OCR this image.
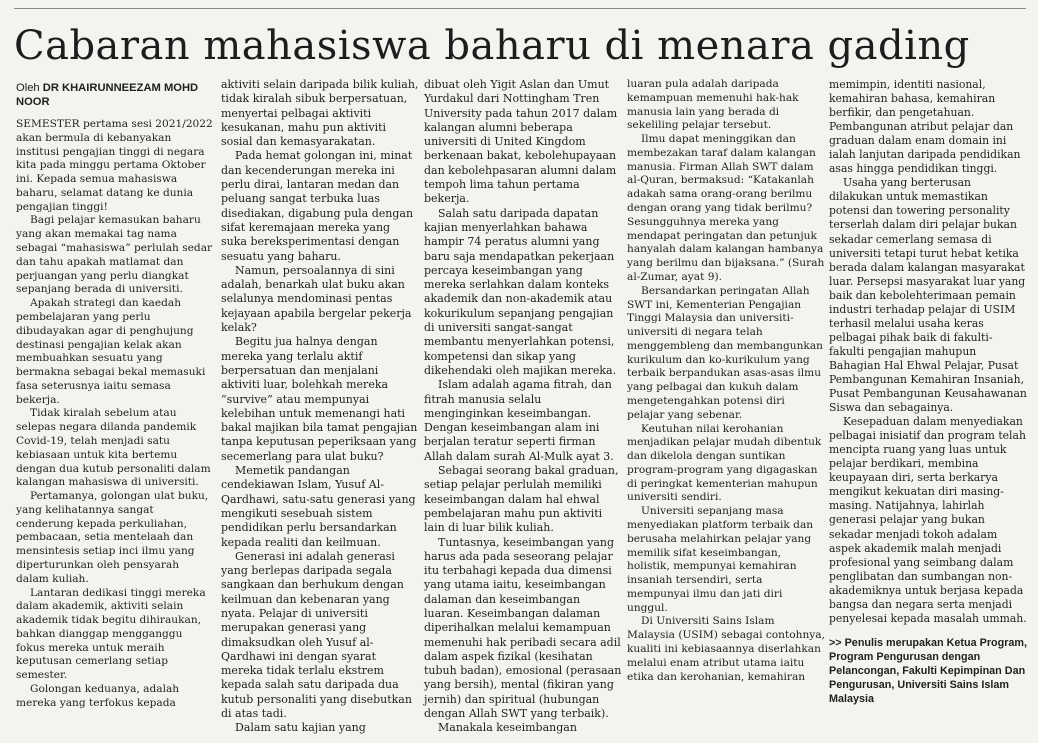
Cabaran mahasiswa baharu di menara gading
Oleh DR KHAIRUNNEEZAM MOHD NOOR

SEMESTER pertama sesi 2021/2022 akan bermula di kebanyakan institusi pengajian tinggi di negara kita pada minggu pertama Oktober ini. Kepada semua mahasiswa baharu, selamat datang ke dunia pengajian tinggi!

Bagi pelajar kemasukan baharu yang akan memakai tag nama sebagai “mahasiswa” perlulah sedar dan tahu apakah matlamat dan perjuangan yang perlu diangkat sepanjang berada di universiti.

Apakah strategi dan kaedah pembelajaran yang perlu dibudayakan agar di penghujung destinasi pengajian kelak akan membuahkan sesuatu yang bermakna sebagai bekal memasuki fasa seterusnya iaitu semasa bekerja.

Tidak kiralah sebelum atau selepas negara dilanda pandemik Covid-19, telah menjadi satu kebiasaan untuk kita bertemu dengan dua kutub personaliti dalam kalangan mahasiswa di universiti.

Pertamanya, golongan ulat buku, yang kelihatannya sangat cenderung kepada perkuliahan, pembacaan, setia mentelaah dan mensintesis setiap inci ilmu yang diperturunkan oleh pensyarah dalam kuliah.

Lantaran dedikasi tinggi mereka dalam akademik, aktiviti selain akademik tidak begitu dihiraukan, bahkan dianggap mengganggu fokus mereka untuk meraih keputusan cemerlang setiap semester.

Golongan keduanya, adalah mereka yang terfokus kepada

aktiviti selain daripada bilik kuliah, tidak kiralah sibuk berpersatuan, menyertai pelbagai aktiviti kesukanan, mahu pun aktiviti sosial dan kemasyarakatan.

Pada hemat golongan ini, minat dan kecenderungan mereka ini perlu dirai, lantaran medan dan peluang sangat terbuka luas disediakan, digabung pula dengan sifat keremajaan mereka yang suka bereksperimentasi dengan sesuatu yang baharu.

Namun, persoalannya di sini adalah, benarkah ulat buku akan selalunya mendominasi pentas kejayaan apabila bergelar pekerja kelak?

Begitu jua halnya dengan mereka yang terlalu aktif berpersatuan dan menjalani aktiviti luar, bolehkah mereka “survive” atau mempunyai kelebihan untuk memenangi hati bakal majikan bila tamat pengajian tanpa keputusan peperiksaan yang secemerlang para ulat buku?

Memetik pandangan cendekiawan Islam, Yusuf Al-Qardhawi, satu-satu generasi yang mengikuti sesebuah sistem pendidikan perlu bersandarkan kepada realiti dan keilmuan.

Generasi ini adalah generasi yang berlepas daripada segala sangkaan dan berhukum dengan keilmuan dan kebenaran yang nyata. Pelajar di universiti merupakan generasi yang dimaksudkan oleh Yusuf al-Qardhawi ini dengan syarat mereka tidak terlalu ekstrem kepada salah satu daripada dua kutub personaliti yang disebutkan di atas tadi.

Dalam satu kajian yang

dibuat oleh Yigit Aslan dan Umut Yurdakul dari Nottingham Tren University pada tahun 2017 dalam kalangan alumni beberapa universiti di United Kingdom berkenaan bakat, kebolehupayaan dan kebolehpasaran alumni dalam tempoh lima tahun pertama bekerja.

Salah satu daripada dapatan kajian menyerlahkan bahawa hampir 74 peratus alumni yang baru saja mendapatkan pekerjaan percaya keseimbangan yang mereka serlahkan dalam konteks akademik dan non-akademik atau kokurikulum sepanjang pengajian di universiti sangat-sangat membantu menyerlahkan potensi, kompetensi dan sikap yang dikehendaki oleh majikan mereka.

Islam adalah agama fitrah, dan fitrah manusia selalu menginginkan keseimbangan. Dengan keseimbangan alam ini berjalan teratur seperti firman Allah dalam surah Al-Mulk ayat 3.

Sebagai seorang bakal graduan, setiap pelajar perlulah memiliki keseimbangan dalam hal ehwal pembelajaran mahu pun aktiviti lain di luar bilik kuliah.

Tuntasnya, keseimbangan yang harus ada pada seseorang pelajar itu terbahagi kepada dua dimensi yang utama iaitu, keseimbangan dalaman dan keseimbangan luaran. Keseimbangan dalaman diperihalkan melalui kemampuan memenuhi hak peribadi secara adil dalam aspek fizikal (kesihatan tubuh badan), emosional (perasaan yang bersih), mental (fikiran yang jernih) dan spiritual (hubungan dengan Allah SWT yang terbaik).

Manakala keseimbangan

luaran pula adalah daripada kemampuan memenuhi hak-hak manusia lain yang berada di sekeliling pelajar tersebut.

Ilmu dapat meninggikan dan membezakan taraf dalam kalangan manusia. Firman Allah SWT dalam al-Quran, bermaksud: “Katakanlah adakah sama orang-orang berilmu dengan orang yang tidak berilmu? Sesungguhnya mereka yang mendapat peringatan dan petunjuk hanyalah dalam kalangan hambanya yang berilmu dan bijaksana.” (Surah al-Zumar, ayat 9).

Bersandarkan peringatan Allah SWT ini, Kementerian Pengajian Tinggi Malaysia dan universiti-universiti di negara telah menggembleng dan membangunkan kurikulum dan ko-kurikulum yang terbaik berpandukan asas-asas ilmu yang pelbagai dan kukuh dalam mengetengahkan potensi diri pelajar yang sebenar.

Keutuhan nilai kerohanian menjadikan pelajar mudah dibentuk dan dikelola dengan suntikan program-program yang digagaskan di peringkat kementerian mahupun universiti sendiri.

Universiti sepanjang masa menyediakan platform terbaik dan berusaha melahirkan pelajar yang memilik sifat keseimbangan, holistik, mempunyai kemahiran insaniah tersendiri, serta mempunyai ilmu dan jati diri unggul.

Di Universiti Sains Islam Malaysia (USIM) sebagai contohnya, kualiti ini kebiasaannya diserlahkan melalui enam atribut utama iaitu etika dan kerohanian, kemahiran

memimpin, identiti nasional, kemahiran bahasa, kemahiran berfikir, dan pengetahuan. Pembangunan atribut pelajar dan graduan dalam enam domain ini ialah lanjutan daripada pendidikan asas hingga pendidikan tinggi.

Usaha yang berterusan dilakukan untuk memastikan potensi dan towering personality terserlah dalam diri pelajar bukan sekadar cemerlang semasa di universiti tetapi turut hebat ketika berada dalam kalangan masyarakat luar. Persepsi masyarakat luar yang baik dan kebolehterimaan pemain industri terhadap pelajar di USIM terhasil melalui usaha keras pelbagai pihak baik di fakulti-fakulti pengajian mahupun Bahagian Hal Ehwal Pelajar, Pusat Pembangunan Kemahiran Insaniah, Pusat Pembangunan Keusahawanan Siswa dan sebagainya.

Kesepaduan dalam menyediakan pelbagai inisiatif dan program telah mencipta ruang yang luas untuk pelajar berdikari, membina keupayaan diri, serta berkarya mengikut kekuatan diri masing-masing. Natijahnya, lahirlah generasi pelajar yang bukan sekadar menjadi tokoh adalam aspek akademik malah menjadi profesional yang seimbang dalam penglibatan dan sumbangan non-akademiknya untuk berjasa kepada bangsa dan negara serta menjadi penyelesai kepada masalah ummah.

>> Penulis merupakan Ketua Program, Program Pengurusan dengan Pelancongan, Fakulti Kepimpinan Dan Pengurusan, Universiti Sains Islam Malaysia
